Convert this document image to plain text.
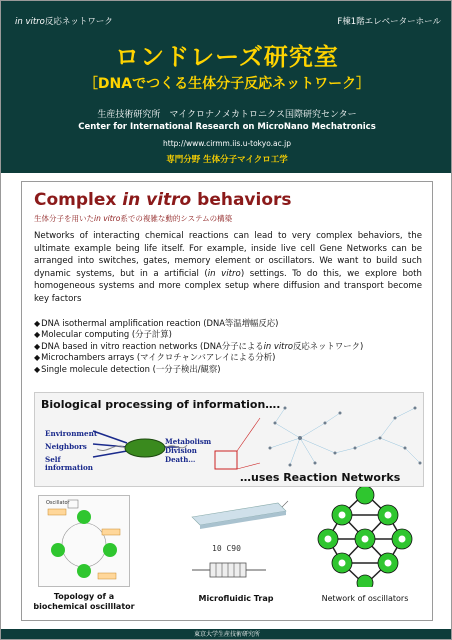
in vitro反応ネットワーク	F棟1階エレベーターホール
ロンドレーズ研究室
［DNAでつくる生体分子反応ネットワーク］
生産技術研究所　マイクロナノメカトロニクス国際研究センター
Center for International Research on MicroNano Mechatronics
http://www.cirmm.iis.u-tokyo.ac.jp
専門分野 生体分子マイクロ工学
Complex in vitro behaviors
生体分子を用いたin vitro系での複雑な動的システムの構築
Networks of interacting chemical reactions can lead to very complex behaviors, the ultimate example being life itself. For example, inside live cell Gene Networks can be arranged into switches, gates, memory element or oscillators. We want to build such dynamic systems, but in a artificial (in vitro) settings. To do this, we explore both homogeneous systems and more complex setup where diffusion and transport become key factors
◆DNA isothermal amplification reaction (DNA等温増幅反応)
◆Molecular computing (分子計算)
◆DNA based in vitro reaction networks (DNA分子によるin vitro反応ネットワーク)
◆Microchambers arrays (マイクロチャンバアレイによる分析)
◆Single molecule detection (一分子検出/観察)
Biological processing of information….
Environment
Neighbors
Self
information
Metabolism
Division
Death…
…uses Reaction Networks
Oscillator
10 C90
Topology of a biochemical oscilllator
Microfluidic Trap	Network of oscillators
東京大学生産技術研究所
